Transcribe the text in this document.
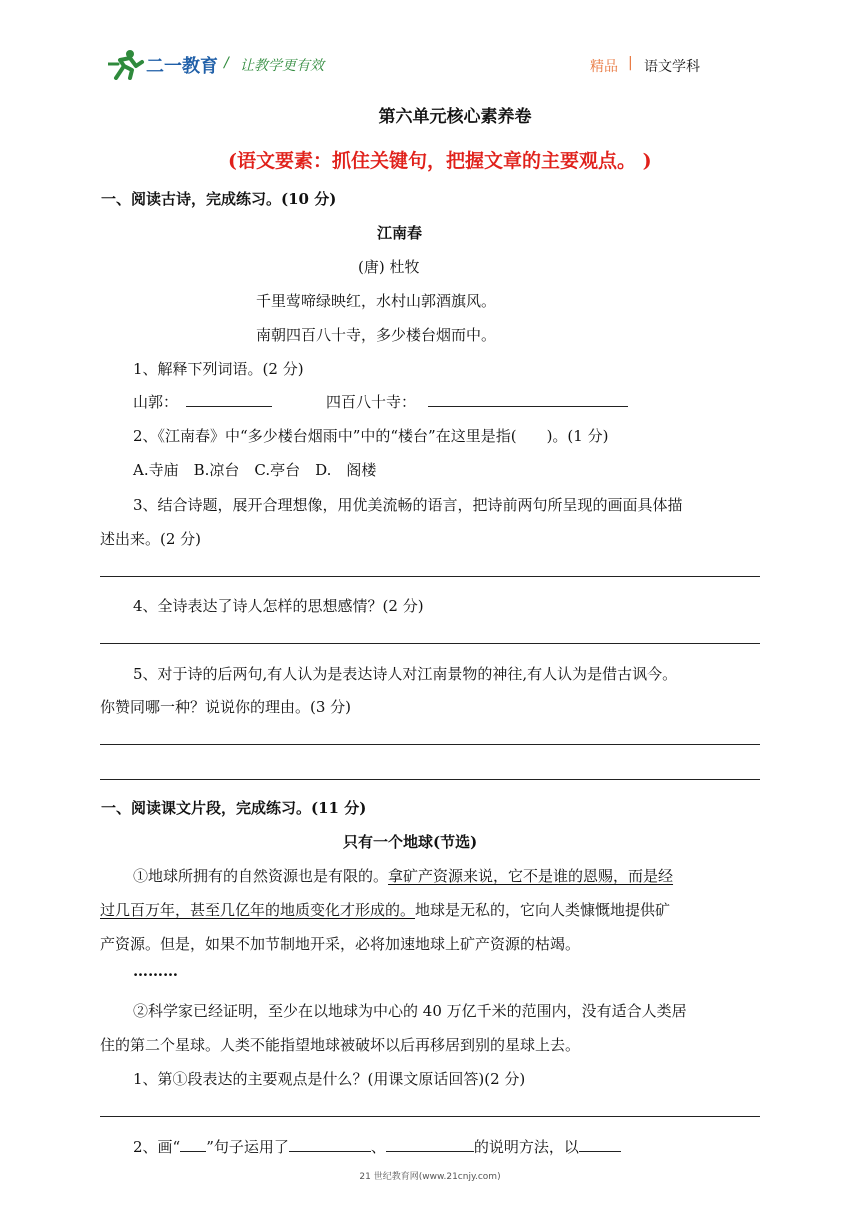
二一教育 / 让教学更有效	精品 | 语文学科
第六单元核心素养卷
(语文要素：抓住关键句，把握文章的主要观点。 )
一、阅读古诗，完成练习。(10 分)
江南春
(唐) 杜牧
千里莺啼绿映红，水村山郭酒旗风。
南朝四百八十寺，多少楼台烟而中。
1、解释下列词语。(2 分)
山郭：	四百八十寺：
2、《江南春》中“多少楼台烟雨中”中的“楼台”在这里是指(　　)。(1 分)
A.寺庙　B.凉台　C.亭台　D.　阁楼
3、结合诗题，展开合理想像，用优美流畅的语言，把诗前两句所呈现的画面具体描
述出来。(2 分)
4、全诗表达了诗人怎样的思想感情？(2 分)
5、对于诗的后两句,有人认为是表达诗人对江南景物的神往,有人认为是借古讽今。
你赞同哪一种？说说你的理由。(3 分)
一、阅读课文片段，完成练习。(11 分)
只有一个地球(节选)
①地球所拥有的自然资源也是有限的。拿矿产资源来说，它不是谁的恩赐，而是经
过几百万年，甚至几亿年的地质变化才形成的。地球是无私的，它向人类慷慨地提供矿
产资源。但是，如果不加节制地开采，必将加速地球上矿产资源的枯竭。
………
②科学家已经证明，至少在以地球为中心的 40 万亿千米的范围内，没有适合人类居
住的第二个星球。人类不能指望地球被破坏以后再移居到别的星球上去。
1、第①段表达的主要观点是什么？(用课文原话回答)(2 分)
2、画“ ”句子运用了	、	的说明方法，以
21 世纪教育网(www.21cnjy.com)
